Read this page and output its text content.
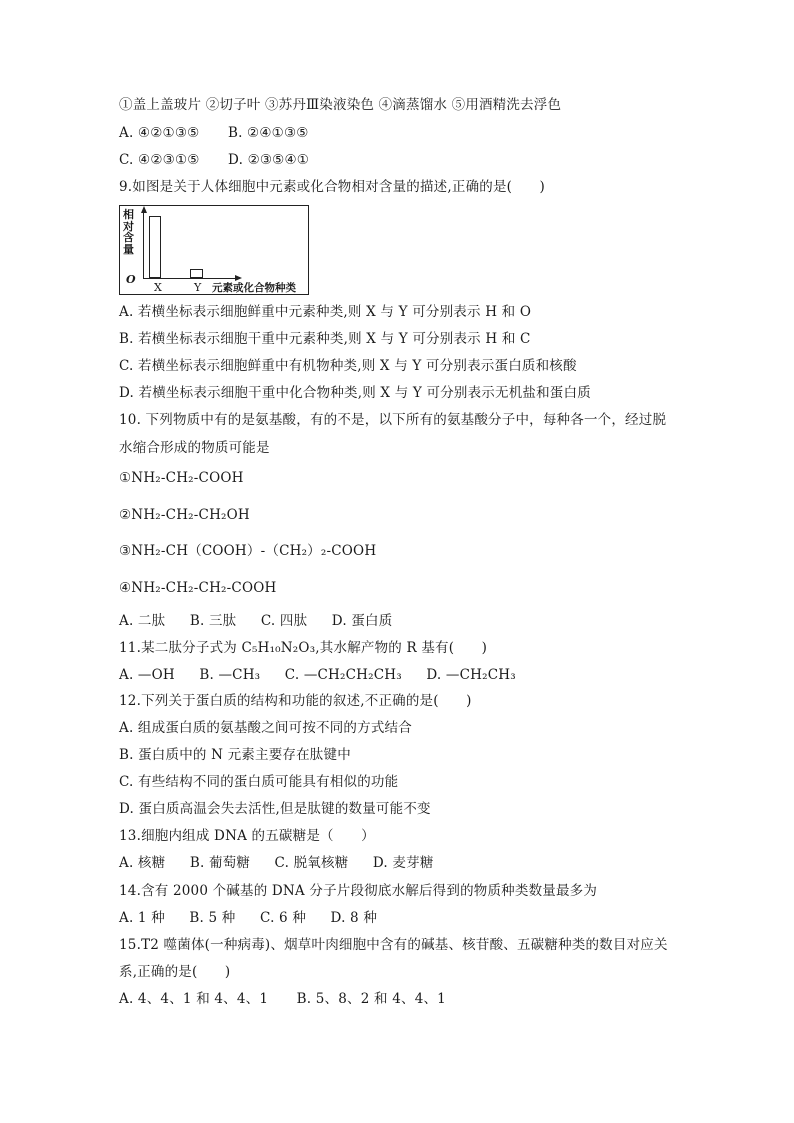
①盖上盖玻片 ②切子叶 ③苏丹Ⅲ染液染色 ④滴蒸馏水 ⑤用酒精洗去浮色
A. ④②①③⑤ B. ②④①③⑤
C. ④②③①⑤ D. ②③⑤④①
9.如图是关于人体细胞中元素或化合物相对含量的描述,正确的是(　　)
相对含量
O
X	Y 元素或化合物种类
A. 若横坐标表示细胞鲜重中元素种类,则 X 与 Y 可分别表示 H 和 O
B. 若横坐标表示细胞干重中元素种类,则 X 与 Y 可分别表示 H 和 C
C. 若横坐标表示细胞鲜重中有机物种类,则 X 与 Y 可分别表示蛋白质和核酸
D. 若横坐标表示细胞干重中化合物种类,则 X 与 Y 可分别表示无机盐和蛋白质
10. 下列物质中有的是氨基酸，有的不是，以下所有的氨基酸分子中，每种各一个，经过脱
水缩合形成的物质可能是
①NH₂-CH₂-COOH
②NH₂-CH₂-CH₂OH
③NH₂-CH（COOH）-（CH₂）₂-COOH
④NH₂-CH₂-CH₂-COOH
A. 二肽 B. 三肽 C. 四肽 D. 蛋白质
11.某二肽分子式为 C₅H₁₀N₂O₃,其水解产物的 R 基有(　　)
A. —OH B. —CH₃ C. —CH₂CH₂CH₃ D. —CH₂CH₃
12.下列关于蛋白质的结构和功能的叙述,不正确的是(　　)
A. 组成蛋白质的氨基酸之间可按不同的方式结合
B. 蛋白质中的 N 元素主要存在肽键中
C. 有些结构不同的蛋白质可能具有相似的功能
D. 蛋白质高温会失去活性,但是肽键的数量可能不变
13.细胞内组成 DNA 的五碳糖是（　　）
A. 核糖 B. 葡萄糖 C. 脱氧核糖 D. 麦芽糖
14.含有 2000 个碱基的 DNA 分子片段彻底水解后得到的物质种类数量最多为
A. 1 种 B. 5 种 C. 6 种 D. 8 种
15.T2 噬菌体(一种病毒)、烟草叶肉细胞中含有的碱基、核苷酸、五碳糖种类的数目对应关
系,正确的是(　　)
A. 4、4、1 和 4、4、1 B. 5、8、2 和 4、4、1
